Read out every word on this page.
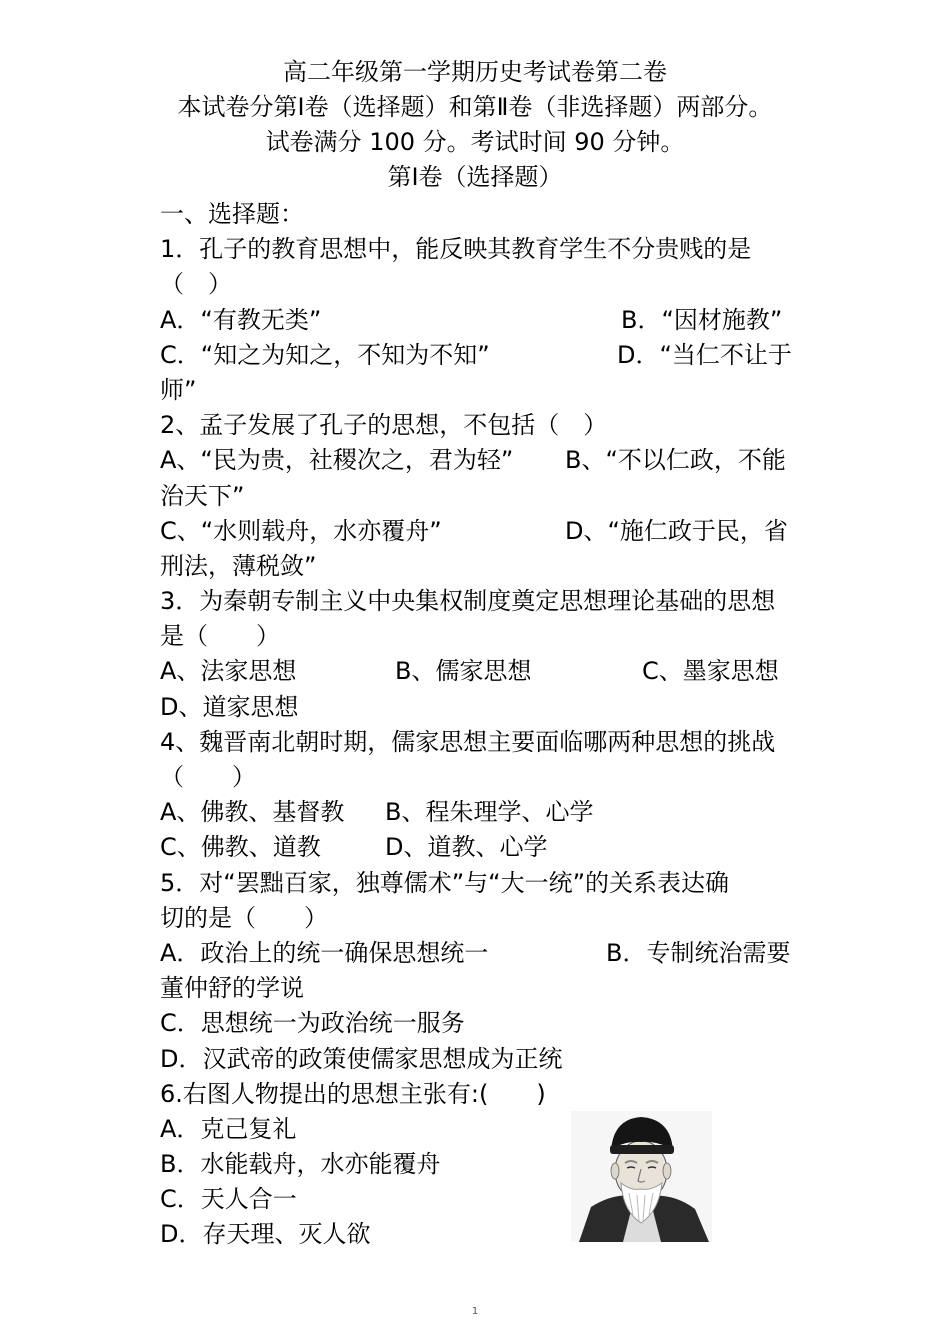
高二年级第一学期历史考试卷第二卷
本试卷分第Ⅰ卷（选择题）和第Ⅱ卷（非选择题）两部分。
试卷满分 100 分。考试时间 90 分钟。
第Ⅰ卷（选择题）
一、选择题：
1．孔子的教育思想中，能反映其教育学生不分贵贱的是
（　）
A．“有教无类”	B．“因材施教”
C．“知之为知之，不知为不知”	D．“当仁不让于
师”
2、孟子发展了孔子的思想，不包括（　）
A、“民为贵，社稷次之，君为轻” B、“不以仁政，不能
治天下”
C、“水则载舟，水亦覆舟”	D、“施仁政于民，省
刑法，薄税敛”
3．为秦朝专制主义中央集权制度奠定思想理论基础的思想
是（　　）
A、法家思想	B、儒家思想	C、墨家思想
D、道家思想
4、魏晋南北朝时期，儒家思想主要面临哪两种思想的挑战
（　　）
A、佛教、基督教 B、程朱理学、心学
C、佛教、道教	D、道教、心学
5．对“罢黜百家，独尊儒术”与“大一统”的关系表达确
切的是（　　）
A．政治上的统一确保思想统一	B．专制统治需要
董仲舒的学说
C．思想统一为政治统一服务
D．汉武帝的政策使儒家思想成为正统
6.右图人物提出的思想主张有:(　　)
A．克己复礼
B．水能载舟，水亦能覆舟
C．天人合一
D．存天理、灭人欲
1
